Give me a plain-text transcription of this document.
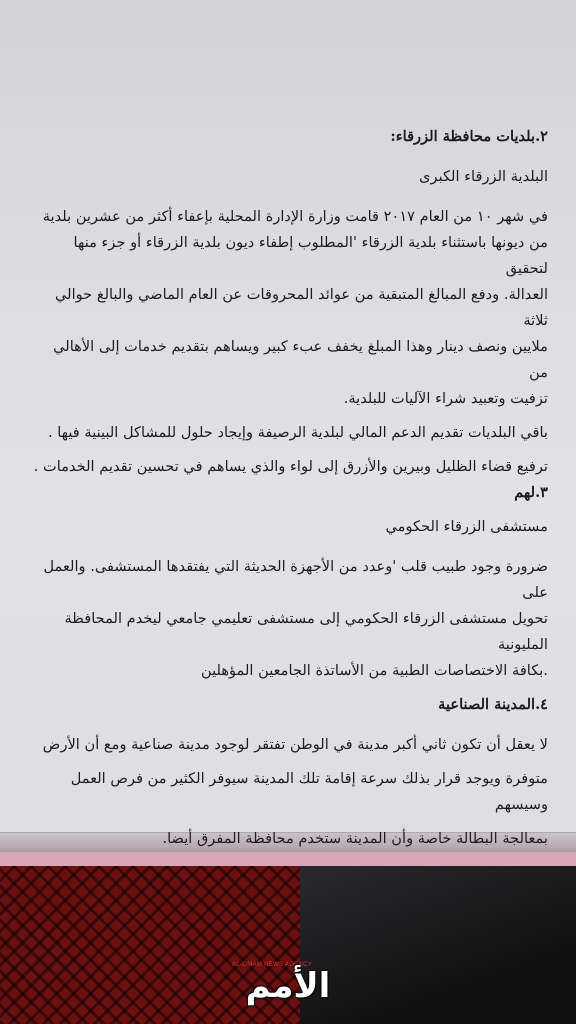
٢.بلديات محافظة الزرقاء:

البلدية الزرقاء الكبرى

في شهر ١٠ من العام ٢٠١٧ قامت وزارة الإدارة المحلية بإعفاء أكثر من عشرين بلدية

من ديونها باستثناء بلدية الزرقاء 'المطلوب إطفاء ديون بلدية الزرقاء أو جزء منها لتحقيق

العدالة. ودفع المبالغ المتبقية من عوائد المحروقات عن العام الماضي والبالغ حوالي ثلاثة

ملايين ونصف دينار وهذا المبلغ يخفف عبء كبير ويساهم بتقديم خدمات إلى الأهالي من

تزفيت وتعبيد شراء الآليات للبلدية.

باقي البلديات تقديم الدعم المالي لبلدية الرصيفة وإيجاد حلول للمشاكل البينية فيها .

ترفيع قضاء الظليل وبيرين والأزرق إلى لواء والذي يساهم في تحسين تقديم الخدمات .

٣.لهم

مستشفى الزرقاء الحكومي

ضرورة وجود طبيب قلب 'وعدد من الأجهزة الحديثة التي يفتقدها المستشفى. والعمل على

تحويل مستشفى الزرقاء الحكومي إلى مستشفى تعليمي جامعي ليخدم المحافظة المليونية

.بكافة الاختصاصات الطبية من الأساتذة الجامعين المؤهلين

٤.المدينة الصناعية

لا يعقل أن تكون ثاني أكبر مدينة في الوطن تفتقر لوجود مدينة صناعية ومع أن الأرض

متوفرة ويوجد قرار بذلك سرعة إقامة تلك المدينة سيوفر الكثير من فرص العمل وسيسهم

بمعالجة البطالة خاصة وأن المدينة ستخدم محافظة المفرق أيضا.

AL-OMAM NEWS AGENCY
الأمم
